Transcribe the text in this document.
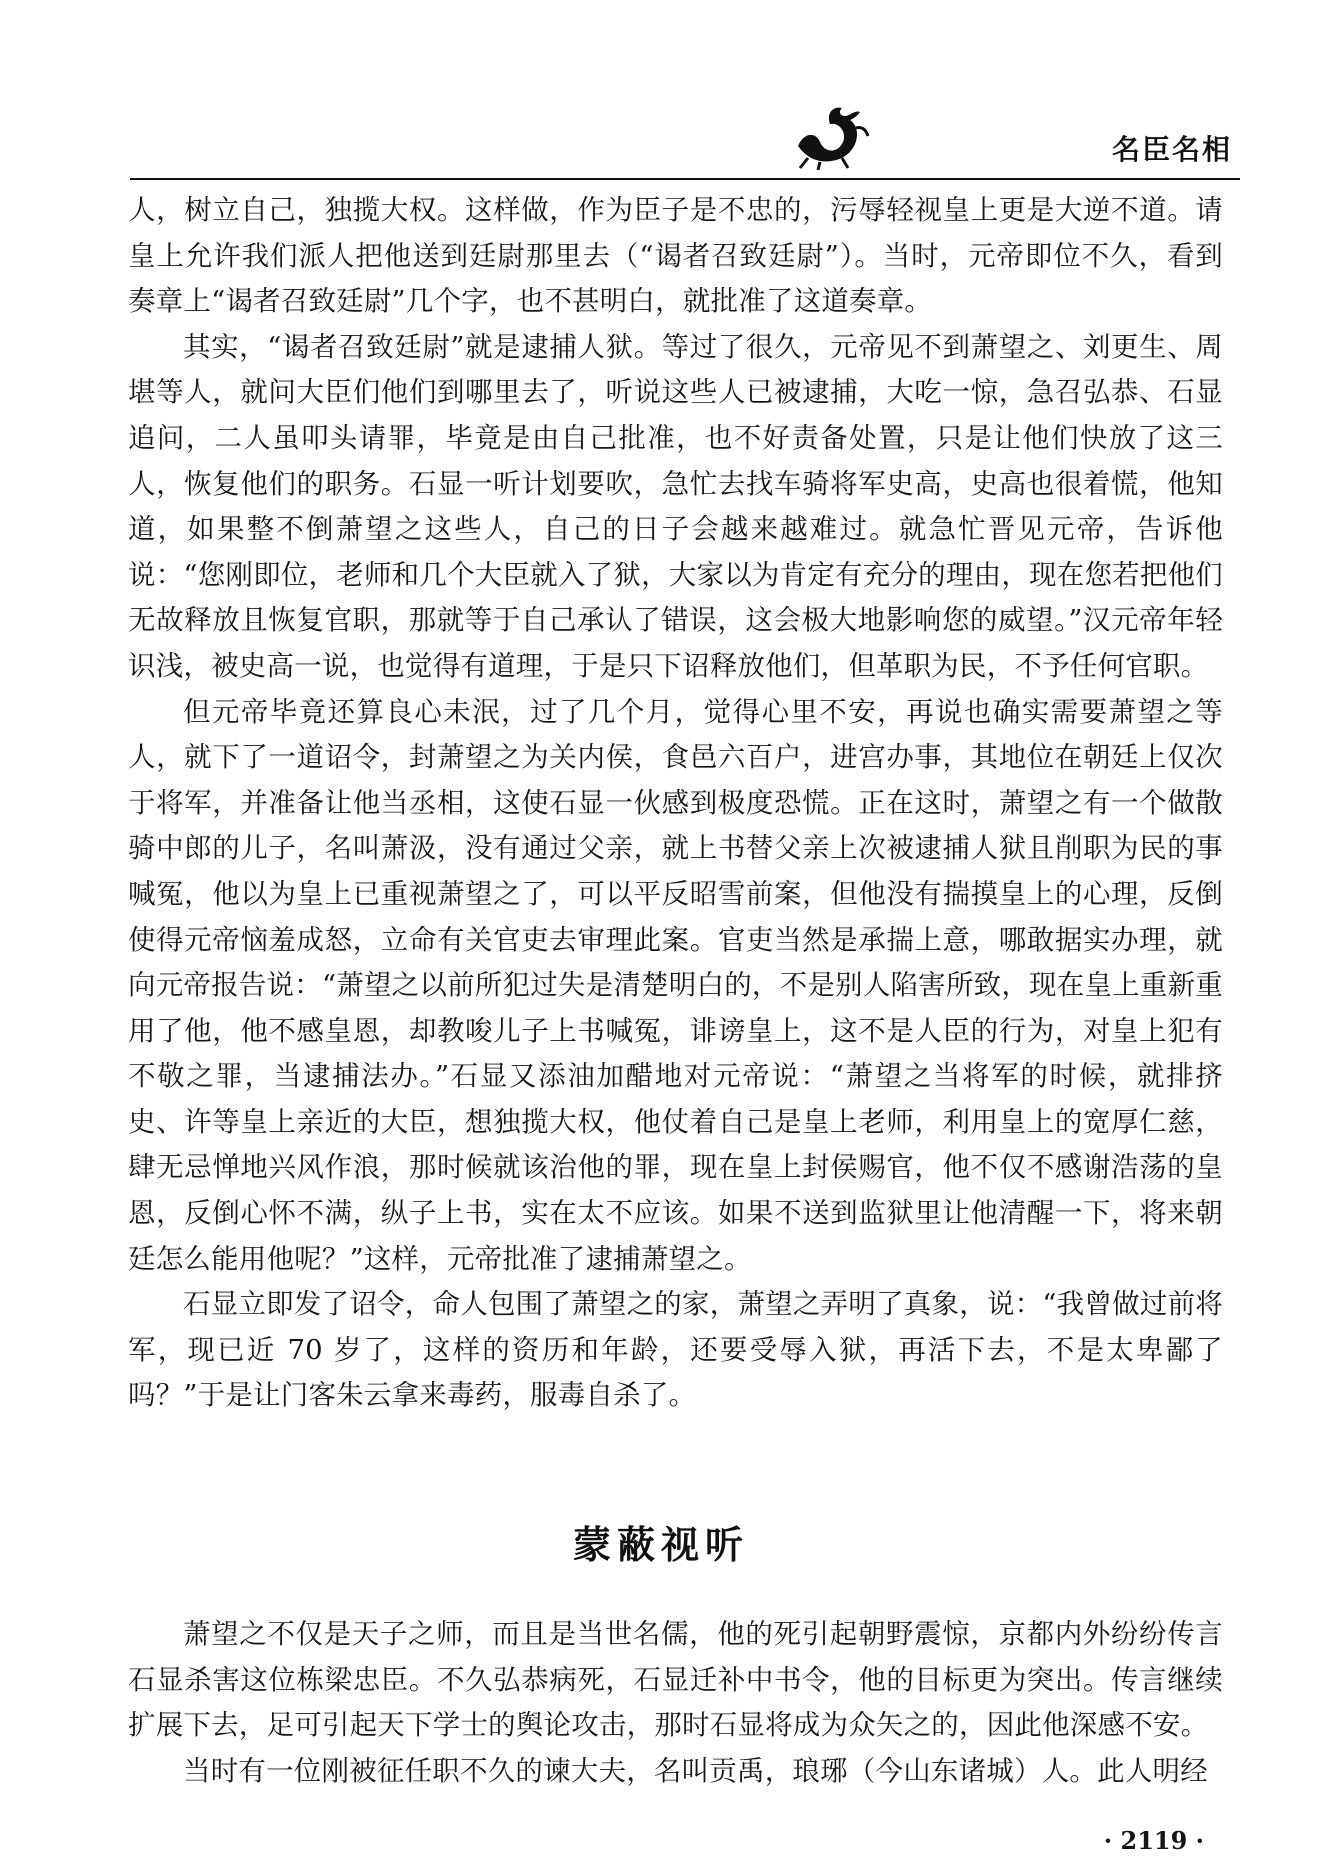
名臣名相

人，树立自己，独揽大权。这样做，作为臣子是不忠的，污辱轻视皇上更是大逆不道。请皇上允许我们派人把他送到廷尉那里去（“谒者召致廷尉”）。当时，元帝即位不久，看到奏章上“谒者召致廷尉”几个字，也不甚明白，就批准了这道奏章。

其实，“谒者召致廷尉”就是逮捕人狱。等过了很久，元帝见不到萧望之、刘更生、周堪等人，就问大臣们他们到哪里去了，听说这些人已被逮捕，大吃一惊，急召弘恭、石显追问，二人虽叩头请罪，毕竟是由自己批准，也不好责备处置，只是让他们快放了这三人，恢复他们的职务。石显一听计划要吹，急忙去找车骑将军史高，史高也很着慌，他知道，如果整不倒萧望之这些人，自己的日子会越来越难过。就急忙晋见元帝，告诉他说：“您刚即位，老师和几个大臣就入了狱，大家以为肯定有充分的理由，现在您若把他们无故释放且恢复官职，那就等于自己承认了错误，这会极大地影响您的威望。”汉元帝年轻识浅，被史高一说，也觉得有道理，于是只下诏释放他们，但革职为民，不予任何官职。

但元帝毕竟还算良心未泯，过了几个月，觉得心里不安，再说也确实需要萧望之等人，就下了一道诏令，封萧望之为关内侯，食邑六百户，进宫办事，其地位在朝廷上仅次于将军，并准备让他当丞相，这使石显一伙感到极度恐慌。正在这时，萧望之有一个做散骑中郎的儿子，名叫萧汲，没有通过父亲，就上书替父亲上次被逮捕人狱且削职为民的事喊冤，他以为皇上已重视萧望之了，可以平反昭雪前案，但他没有揣摸皇上的心理，反倒使得元帝恼羞成怒，立命有关官吏去审理此案。官吏当然是承揣上意，哪敢据实办理，就向元帝报告说：“萧望之以前所犯过失是清楚明白的，不是别人陷害所致，现在皇上重新重用了他，他不感皇恩，却教唆儿子上书喊冤，诽谤皇上，这不是人臣的行为，对皇上犯有不敬之罪，当逮捕法办。”石显又添油加醋地对元帝说：“萧望之当将军的时候，就排挤史、许等皇上亲近的大臣，想独揽大权，他仗着自己是皇上老师，利用皇上的宽厚仁慈，肆无忌惮地兴风作浪，那时候就该治他的罪，现在皇上封侯赐官，他不仅不感谢浩荡的皇恩，反倒心怀不满，纵子上书，实在太不应该。如果不送到监狱里让他清醒一下，将来朝廷怎么能用他呢？”这样，元帝批准了逮捕萧望之。

石显立即发了诏令，命人包围了萧望之的家，萧望之弄明了真象，说：“我曾做过前将军，现已近 70 岁了，这样的资历和年龄，还要受辱入狱，再活下去，不是太卑鄙了吗？”于是让门客朱云拿来毒药，服毒自杀了。

蒙蔽视听

萧望之不仅是天子之师，而且是当世名儒，他的死引起朝野震惊，京都内外纷纷传言石显杀害这位栋梁忠臣。不久弘恭病死，石显迁补中书令，他的目标更为突出。传言继续扩展下去，足可引起天下学士的舆论攻击，那时石显将成为众矢之的，因此他深感不安。

当时有一位刚被征任职不久的谏大夫，名叫贡禹，琅琊（今山东诸城）人。此人明经

· 2119 ·
